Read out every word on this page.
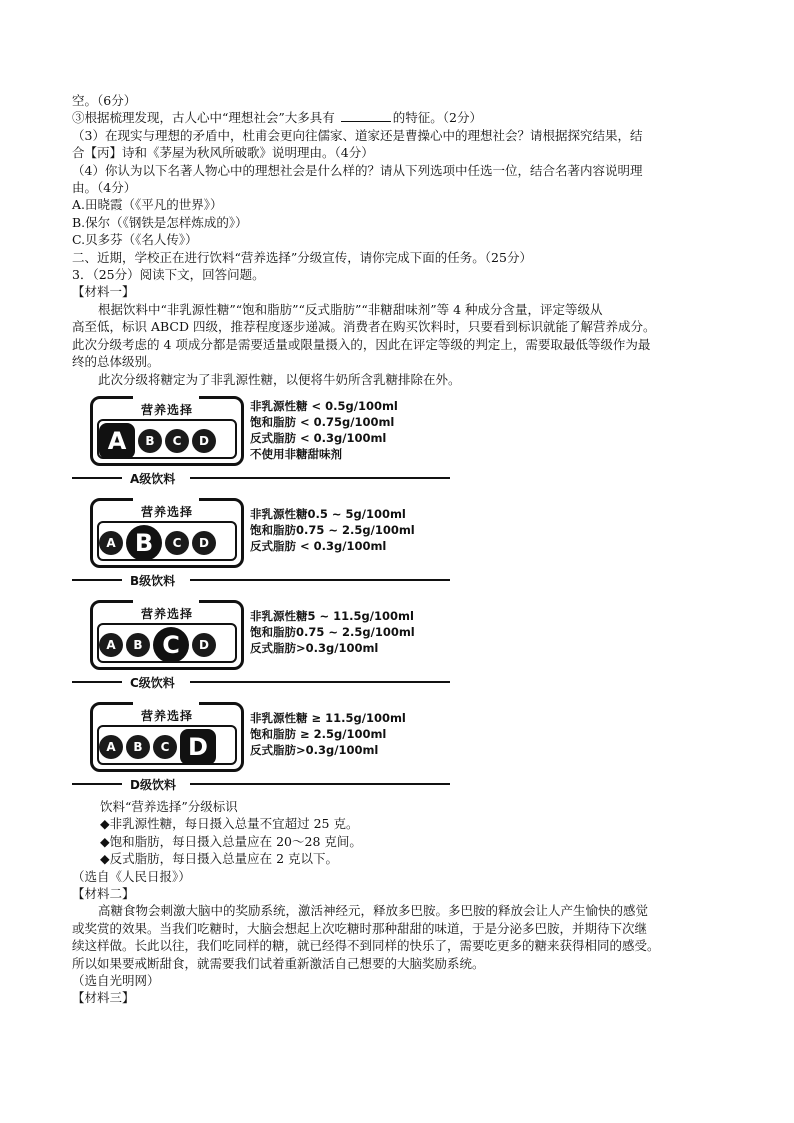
空。（6分）
③根据梳理发现，古人心中“理想社会”大多具有	的特征。（2分）
（3）在现实与理想的矛盾中，杜甫会更向往儒家、道家还是曹操心中的理想社会？请根据探究结果，结
合【丙】诗和《茅屋为秋风所破歌》说明理由。（4分）
（4）你认为以下名著人物心中的理想社会是什么样的？请从下列选项中任选一位，结合名著内容说明理
由。（4分）
A.田晓霞（《平凡的世界》）
B.保尔（《钢铁是怎样炼成的》）
C.贝多芬（《名人传》）
二、近期，学校正在进行饮料“营养选择”分级宣传，请你完成下面的任务。（25分）
3．（25分）阅读下文，回答问题。
【材料一】
根据饮料中“非乳源性糖”“饱和脂肪”“反式脂肪”“非糖甜味剂”等 4 种成分含量，评定等级从
高至低，标识 ABCD 四级，推荐程度逐步递减。消费者在购买饮料时，只要看到标识就能了解营养成分。
此次分级考虑的 4 项成分都是需要适量或限量摄入的，因此在评定等级的判定上，需要取最低等级作为最
终的总体级别。
此次分级将糖定为了非乳源性糖，以便将牛奶所含乳糖排除在外。
营养选择
A	B	C	D
非乳源性糖 < 0.5g/100ml
饱和脂肪 < 0.75g/100ml
反式脂肪 < 0.3g/100ml
不使用非糖甜味剂
A级饮料
营养选择
A B	C	D
非乳源性糖0.5 ~ 5g/100ml
饱和脂肪0.75 ~ 2.5g/100ml
反式脂肪 < 0.3g/100ml
B级饮料
营养选择
A	B C	D
非乳源性糖5 ~ 11.5g/100ml
饱和脂肪0.75 ~ 2.5g/100ml
反式脂肪>0.3g/100ml
C级饮料
营养选择
A	B	C D
非乳源性糖 ≥ 11.5g/100ml
饱和脂肪 ≥ 2.5g/100ml
反式脂肪>0.3g/100ml
D级饮料
饮料“营养选择”分级标识
◆非乳源性糖，每日摄入总量不宜超过 25 克。
◆饱和脂肪，每日摄入总量应在 20～28 克间。
◆反式脂肪，每日摄入总量应在 2 克以下。
（选自《人民日报》）
【材料二】
高糖食物会刺激大脑中的奖励系统，激活神经元，释放多巴胺。多巴胺的释放会让人产生愉快的感觉
或奖赏的效果。当我们吃糖时，大脑会想起上次吃糖时那种甜甜的味道，于是分泌多巴胺，并期待下次继
续这样做。长此以往，我们吃同样的糖，就已经得不到同样的快乐了，需要吃更多的糖来获得相同的感受。
所以如果要戒断甜食，就需要我们试着重新激活自己想要的大脑奖励系统。
（选自光明网）
【材料三】
